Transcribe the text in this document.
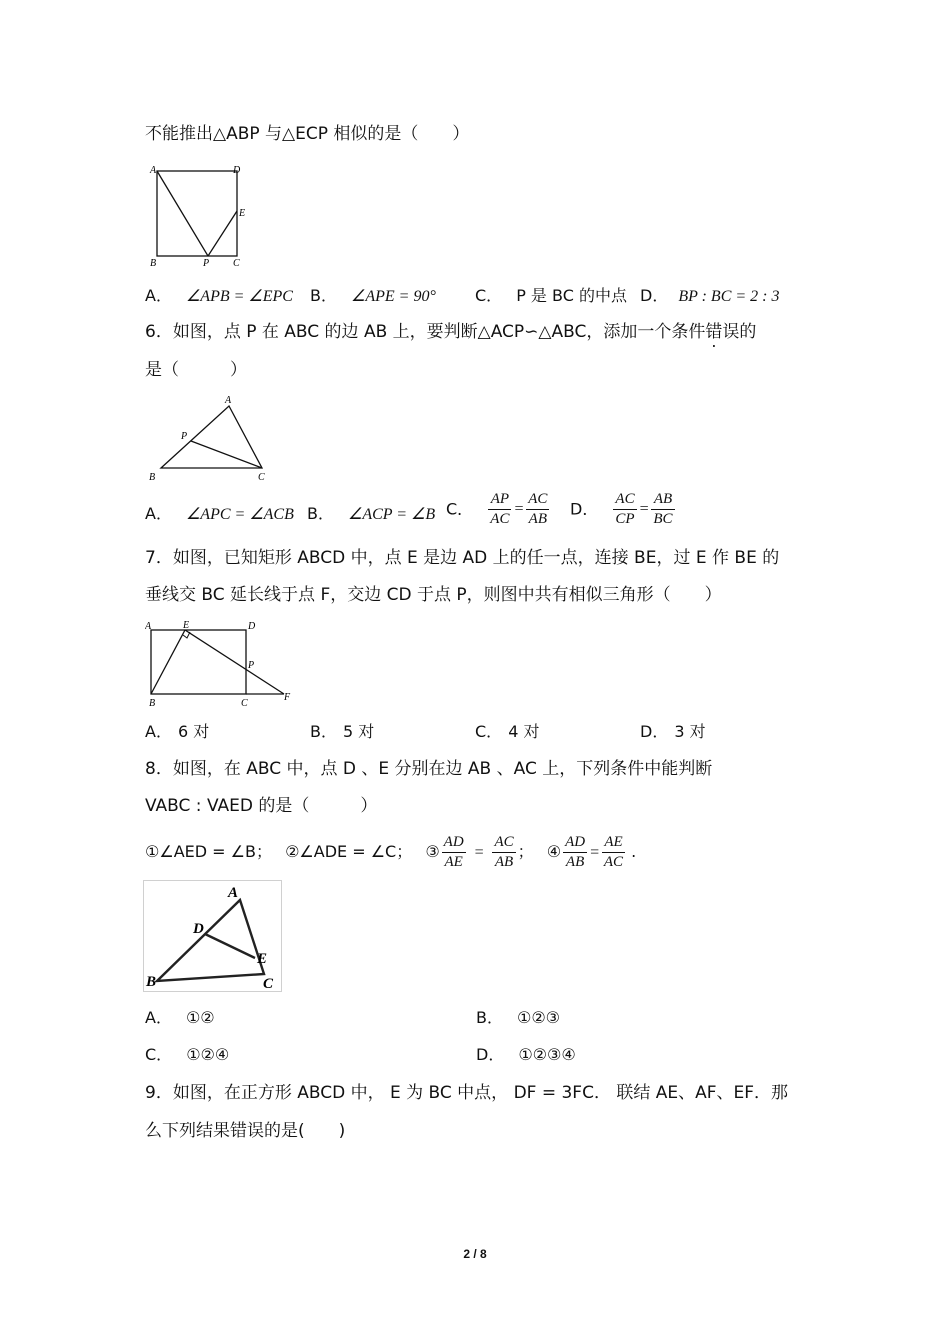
不能推出△ABP 与△ECP 相似的是（　　）
A	D
E
B	P C
A． ∠APB = ∠EPC B． ∠APE = 90° C． P 是 BC 的中点 D． BP : BC = 2 : 3
6．如图，点 P 在 ABC 的边 AB 上，要判断△ACP∽△ABC，添加一个条件错误的
是（　　　）
A
P
B	C
A． ∠APC = ∠ACB B． ∠ACP = ∠B C． $\frac{AP}{AC} = \frac{AC}{AB}$ D． $\frac{AC}{CP} = \frac{AB}{BC}$
7．如图，已知矩形 ABCD 中，点 E 是边 AD 上的任一点，连接 BE，过 E 作 BE 的
垂线交 BC 延长线于点 F，交边 CD 于点 P，则图中共有相似三角形（　　）
A	E	D
P
B	C
F
A． 6 对	B． 5 对	C． 4 对	D． 3 对
8．如图，在 ABC 中，点 D 、E 分别在边 AB 、AC 上，下列条件中能判断
VABC : VAED 的是（　　　）
①∠AED = ∠B； ②∠ADE = ∠C； ③ $\frac{AD}{AE} = \frac{AC}{AB}$ ； ④ $\frac{AD}{AB} = \frac{AE}{AC}$ .
A
D
E
B	C
A． ①②	B． ①②③
C． ①②④	D． ①②③④
9．如图，在正方形 ABCD 中， E 为 BC 中点， DF = 3FC． 联结 AE、AF、EF．那
么下列结果错误的是(　　)
2 / 8
